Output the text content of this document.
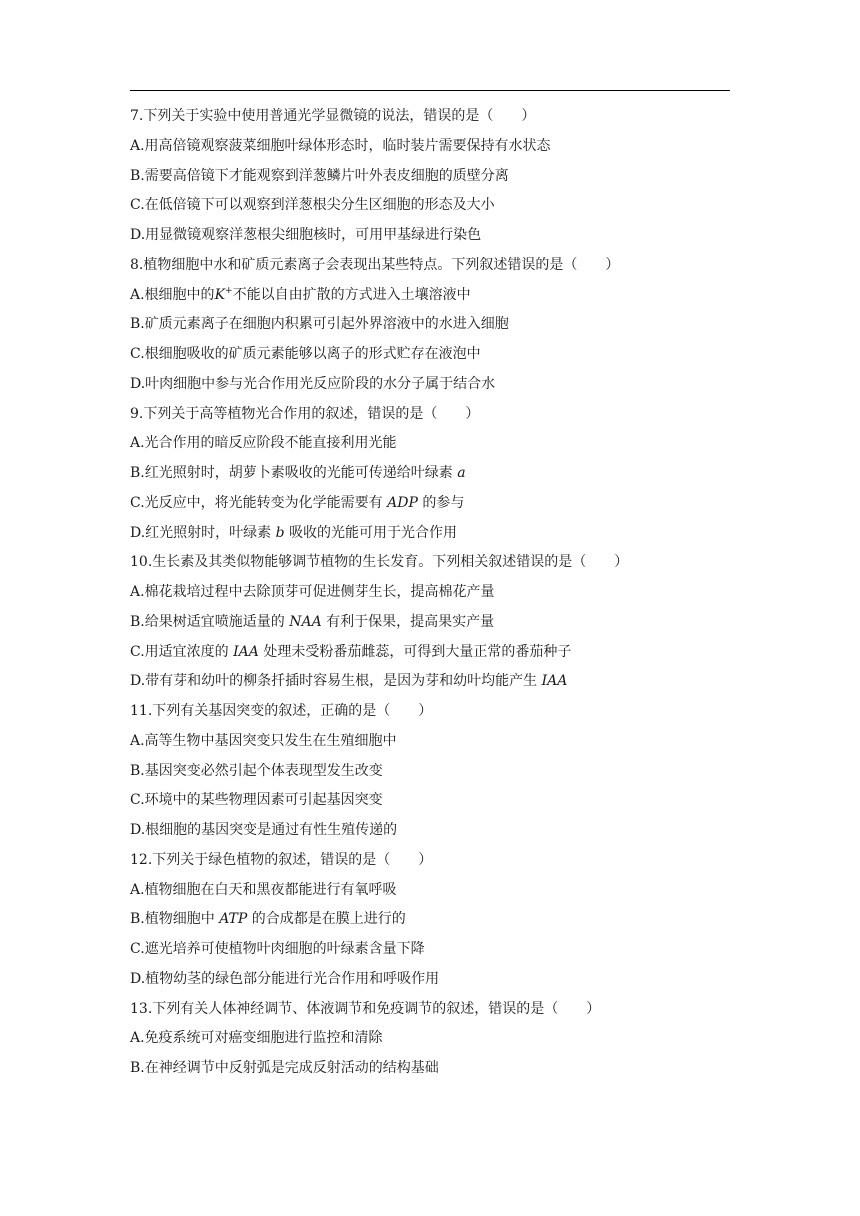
7.下列关于实验中使用普通光学显微镜的说法，错误的是（　　）
A.用高倍镜观察菠菜细胞叶绿体形态时，临时装片需要保持有水状态
B.需要高倍镜下才能观察到洋葱鳞片叶外表皮细胞的质壁分离
C.在低倍镜下可以观察到洋葱根尖分生区细胞的形态及大小
D.用显微镜观察洋葱根尖细胞核时，可用甲基绿进行染色
8.植物细胞中水和矿质元素离子会表现出某些特点。下列叙述错误的是（　　）
A.根细胞中的K+不能以自由扩散的方式进入土壤溶液中
B.矿质元素离子在细胞内积累可引起外界溶液中的水进入细胞
C.根细胞吸收的矿质元素能够以离子的形式贮存在液泡中
D.叶肉细胞中参与光合作用光反应阶段的水分子属于结合水
9.下列关于高等植物光合作用的叙述，错误的是（　　）
A.光合作用的暗反应阶段不能直接利用光能
B.红光照射时，胡萝卜素吸收的光能可传递给叶绿素 a
C.光反应中，将光能转变为化学能需要有 ADP 的参与
D.红光照射时，叶绿素 b 吸收的光能可用于光合作用
10.生长素及其类似物能够调节植物的生长发育。下列相关叙述错误的是（　　）
A.棉花栽培过程中去除顶芽可促进侧芽生长，提高棉花产量
B.给果树适宜喷施适量的 NAA 有利于保果，提高果实产量
C.用适宜浓度的 IAA 处理未受粉番茄雌蕊，可得到大量正常的番茄种子
D.带有芽和幼叶的柳条扦插时容易生根，是因为芽和幼叶均能产生 IAA
11.下列有关基因突变的叙述，正确的是（　　）
A.高等生物中基因突变只发生在生殖细胞中
B.基因突变必然引起个体表现型发生改变
C.环境中的某些物理因素可引起基因突变
D.根细胞的基因突变是通过有性生殖传递的
12.下列关于绿色植物的叙述，错误的是（　　）
A.植物细胞在白天和黑夜都能进行有氧呼吸
B.植物细胞中 ATP 的合成都是在膜上进行的
C.遮光培养可使植物叶肉细胞的叶绿素含量下降
D.植物幼茎的绿色部分能进行光合作用和呼吸作用
13.下列有关人体神经调节、体液调节和免疫调节的叙述，错误的是（　　）
A.免疫系统可对癌变细胞进行监控和清除
B.在神经调节中反射弧是完成反射活动的结构基础
